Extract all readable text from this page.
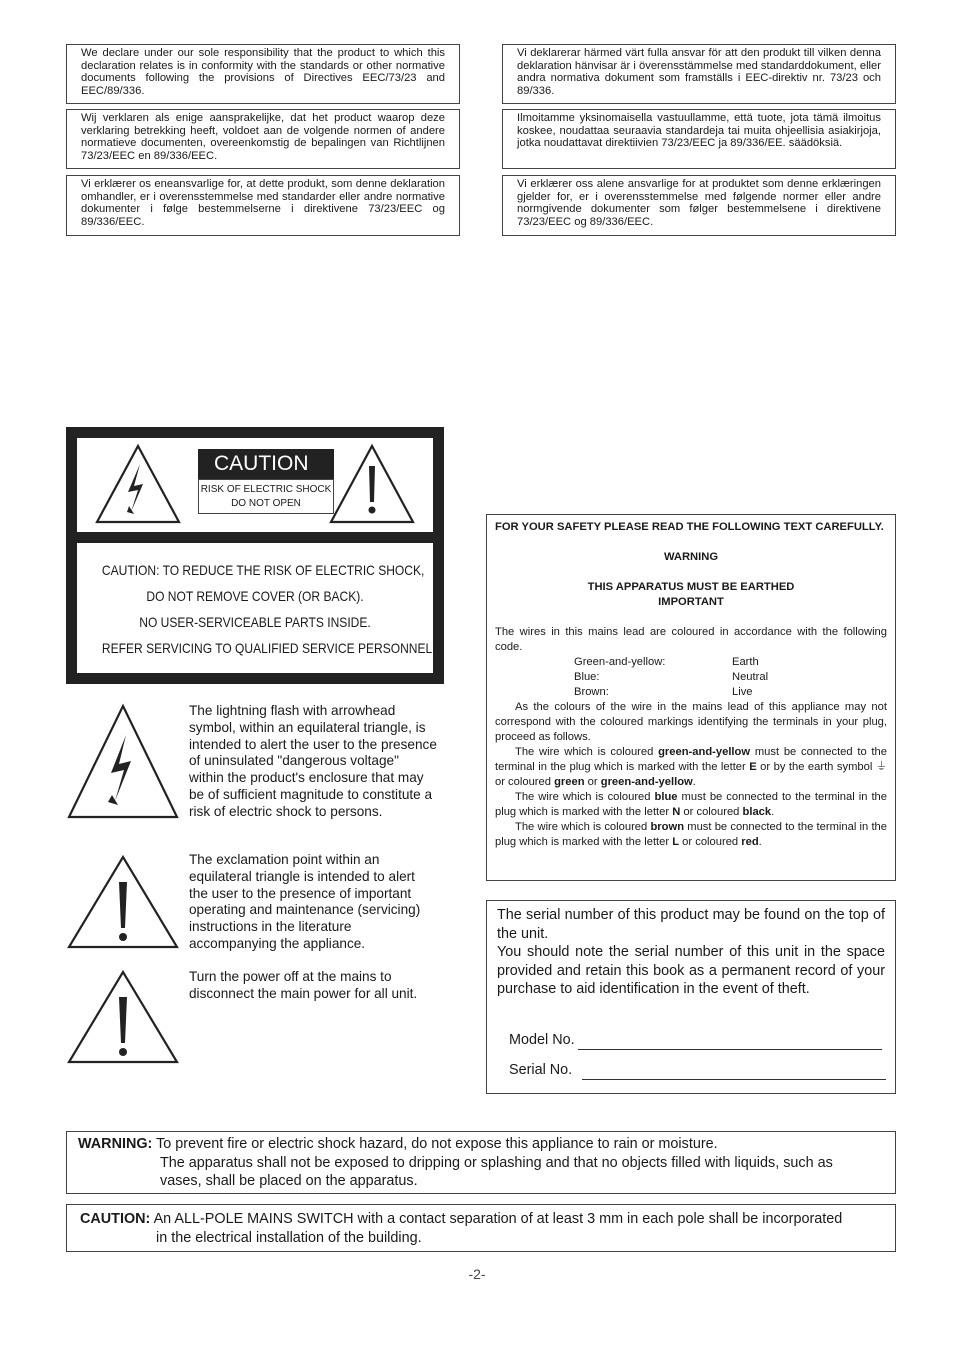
We declare under our sole responsibility that the product to which this declaration relates is in conformity with the standards or other normative documents following the provisions of Directives EEC/73/23 and EEC/89/336.
Vi deklarerar härmed värt fulla ansvar för att den produkt till vilken denna deklaration hänvisar är i överensstämmelse med standarddokument, eller andra normativa dokument som framställs i EEC-direktiv nr. 73/23 och 89/336.
Wij verklaren als enige aansprakelijke, dat het product waarop deze verklaring betrekking heeft, voldoet aan de volgende normen of andere normatieve documenten, overeenkomstig de bepalingen van Richtlijnen 73/23/EEC en 89/336/EEC.
Ilmoitamme yksinomaisella vastuullamme, että tuote, jota tämä ilmoitus koskee, noudattaa seuraavia standardeja tai muita ohjeellisia asiakirjoja, jotka noudattavat direktiivien 73/23/EEC ja 89/336/EE. säädöksiä.
Vi erklærer os eneansvarlige for, at dette produkt, som denne deklaration omhandler, er i overensstemmelse med standarder eller andre normative dokumenter i følge bestemmelserne i direktivene 73/23/EEC og 89/336/EEC.
Vi erklærer oss alene ansvarlige for at produktet som denne erklæringen gjelder for, er i overensstemmelse med følgende normer eller andre normgivende dokumenter som følger bestemmelsene i direktivene 73/23/EEC og 89/336/EEC.
CAUTION
RISK OF ELECTRIC SHOCK
DO NOT OPEN

CAUTION: TO REDUCE THE RISK OF ELECTRIC SHOCK,

DO NOT REMOVE COVER (OR BACK).

NO USER-SERVICEABLE PARTS INSIDE.

REFER SERVICING TO QUALIFIED SERVICE PERSONNEL.

The lightning flash with arrowhead symbol, within an equilateral triangle, is intended to alert the user to the presence of uninsulated "dangerous voltage" within the product's enclosure that may be of sufficient magnitude to constitute a risk of electric shock to persons.
The exclamation point within an equilateral triangle is intended to alert the user to the presence of important operating and maintenance (servicing) instructions in the literature accompanying the appliance.
Turn the power off at the mains to disconnect the main power for all unit.
FOR YOUR SAFETY PLEASE READ THE FOLLOWING TEXT CAREFULLY.
WARNING
THIS APPARATUS MUST BE EARTHED
IMPORTANT
The wires in this mains lead are coloured in accordance with the following code.
Green-and-yellow:	Earth
Blue:	Neutral
Brown:	Live
As the colours of the wire in the mains lead of this appliance may not correspond with the coloured markings identifying the terminals in your plug, proceed as follows.
The wire which is coloured green-and-yellow must be connected to the terminal in the plug which is marked with the letter E or by the earth symbol ⏚ or coloured green or green-and-yellow.
The wire which is coloured blue must be connected to the terminal in the plug which is marked with the letter N or coloured black.
The wire which is coloured brown must be connected to the terminal in the plug which is marked with the letter L or coloured red.
The serial number of this product may be found on the top of the unit.
You should note the serial number of this unit in the space provided and retain this book as a permanent record of your purchase to aid identification in the event of theft.
Model No.
Serial No.
WARNING: To prevent fire or electric shock hazard, do not expose this appliance to rain or moisture.
The apparatus shall not be exposed to dripping or splashing and that no objects filled with liquids, such as
vases, shall be placed on the apparatus.
CAUTION: An ALL-POLE MAINS SWITCH with a contact separation of at least 3 mm in each pole shall be incorporated
in the electrical installation of the building.
-2-
